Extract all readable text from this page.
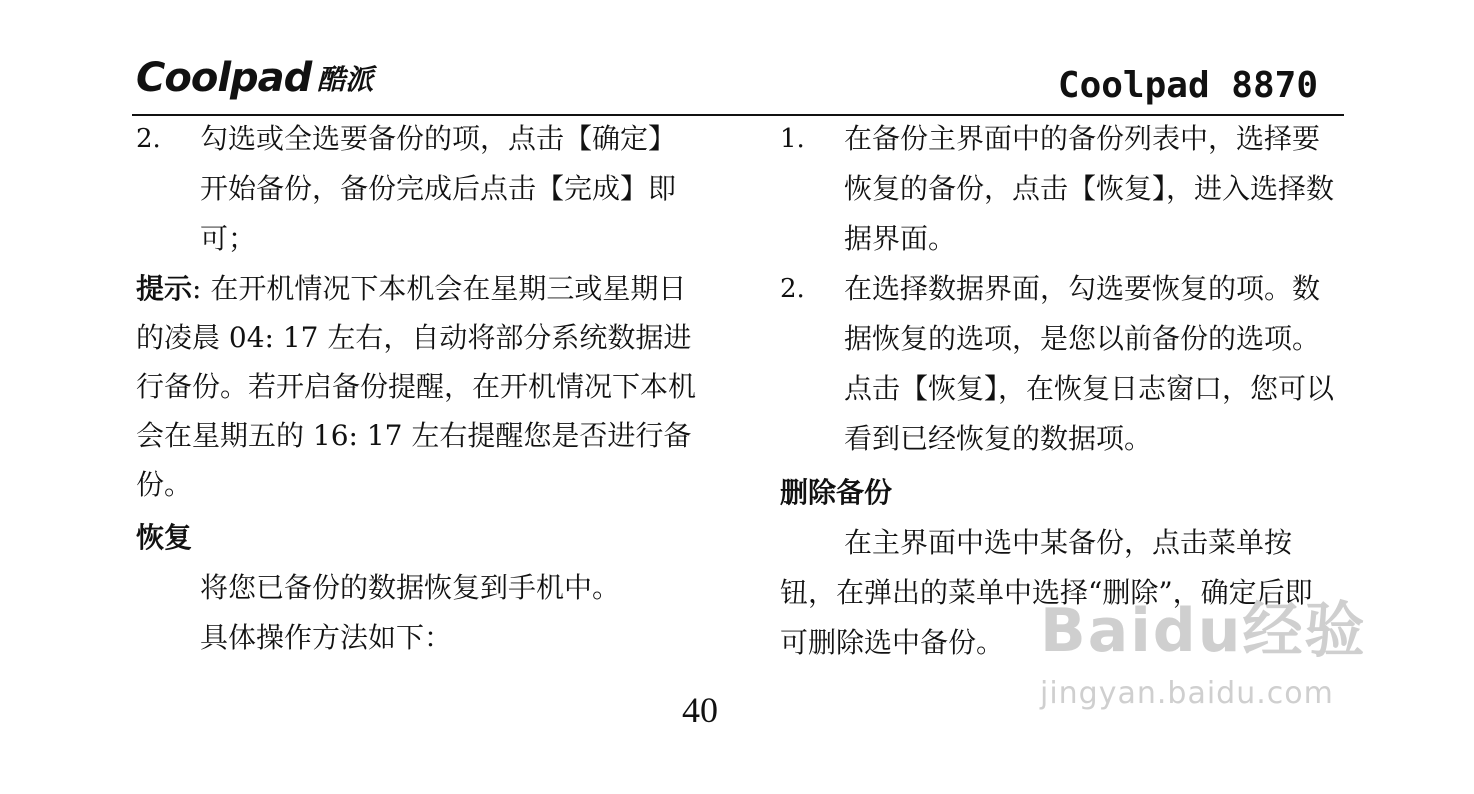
Coolpad 酷派	Coolpad 8870
2.	勾选或全选要备份的项，点击【确定】开始备份，备份完成后点击【完成】即可；
提示: 在开机情况下本机会在星期三或星期日的凌晨 04: 17 左右，自动将部分系统数据进行备份。若开启备份提醒，在开机情况下本机会在星期五的 16: 17 左右提醒您是否进行备份。
恢复
将您已备份的数据恢复到手机中。
具体操作方法如下：
1.	在备份主界面中的备份列表中，选择要恢复的备份，点击【恢复】，进入选择数据界面。
2.	在选择数据界面，勾选要恢复的项。数据恢复的选项，是您以前备份的选项。点击【恢复】，在恢复日志窗口，您可以看到已经恢复的数据项。
删除备份
在主界面中选中某备份，点击菜单按钮，在弹出的菜单中选择“删除”，确定后即可删除选中备份。
40
Baidu经验
jingyan.baidu.com
